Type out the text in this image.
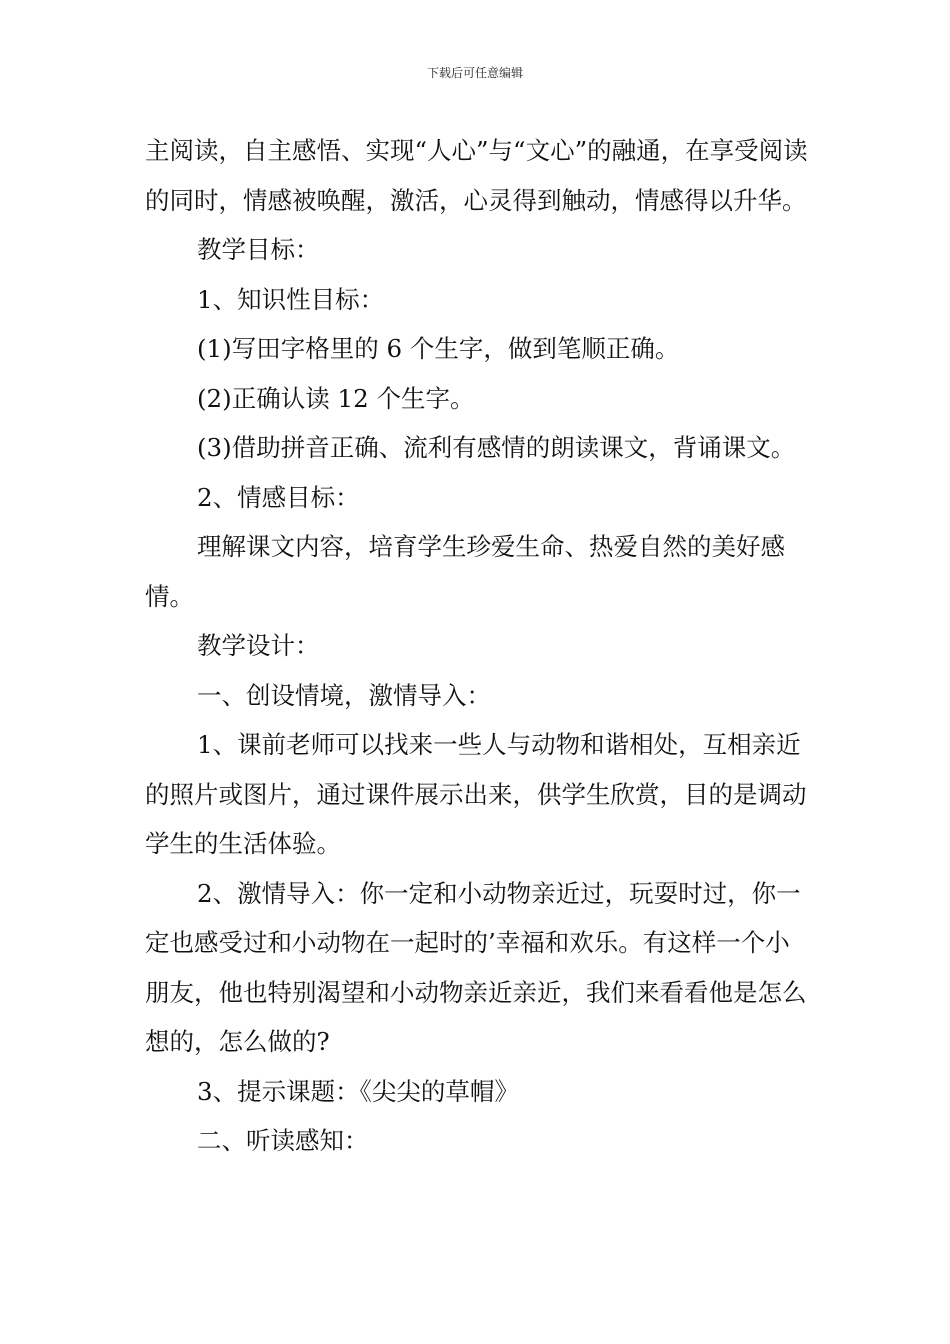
下载后可任意编辑

主阅读，自主感悟、实现“人心”与“文心”的融通，在享受阅读的同时，情感被唤醒，激活，心灵得到触动，情感得以升华。

教学目标：

1、知识性目标：

(1)写田字格里的 6 个生字，做到笔顺正确。

(2)正确认读 12 个生字。

(3)借助拼音正确、流利有感情的朗读课文，背诵课文。

2、情感目标：

理解课文内容，培育学生珍爱生命、热爱自然的美好感情。

教学设计：

一、创设情境，激情导入：

1、课前老师可以找来一些人与动物和谐相处，互相亲近的照片或图片，通过课件展示出来，供学生欣赏，目的是调动学生的生活体验。

2、激情导入：你一定和小动物亲近过，玩耍时过，你一定也感受过和小动物在一起时的’幸福和欢乐。有这样一个小朋友，他也特别渴望和小动物亲近亲近，我们来看看他是怎么想的，怎么做的?

3、提示课题：《尖尖的草帽》

二、听读感知：
